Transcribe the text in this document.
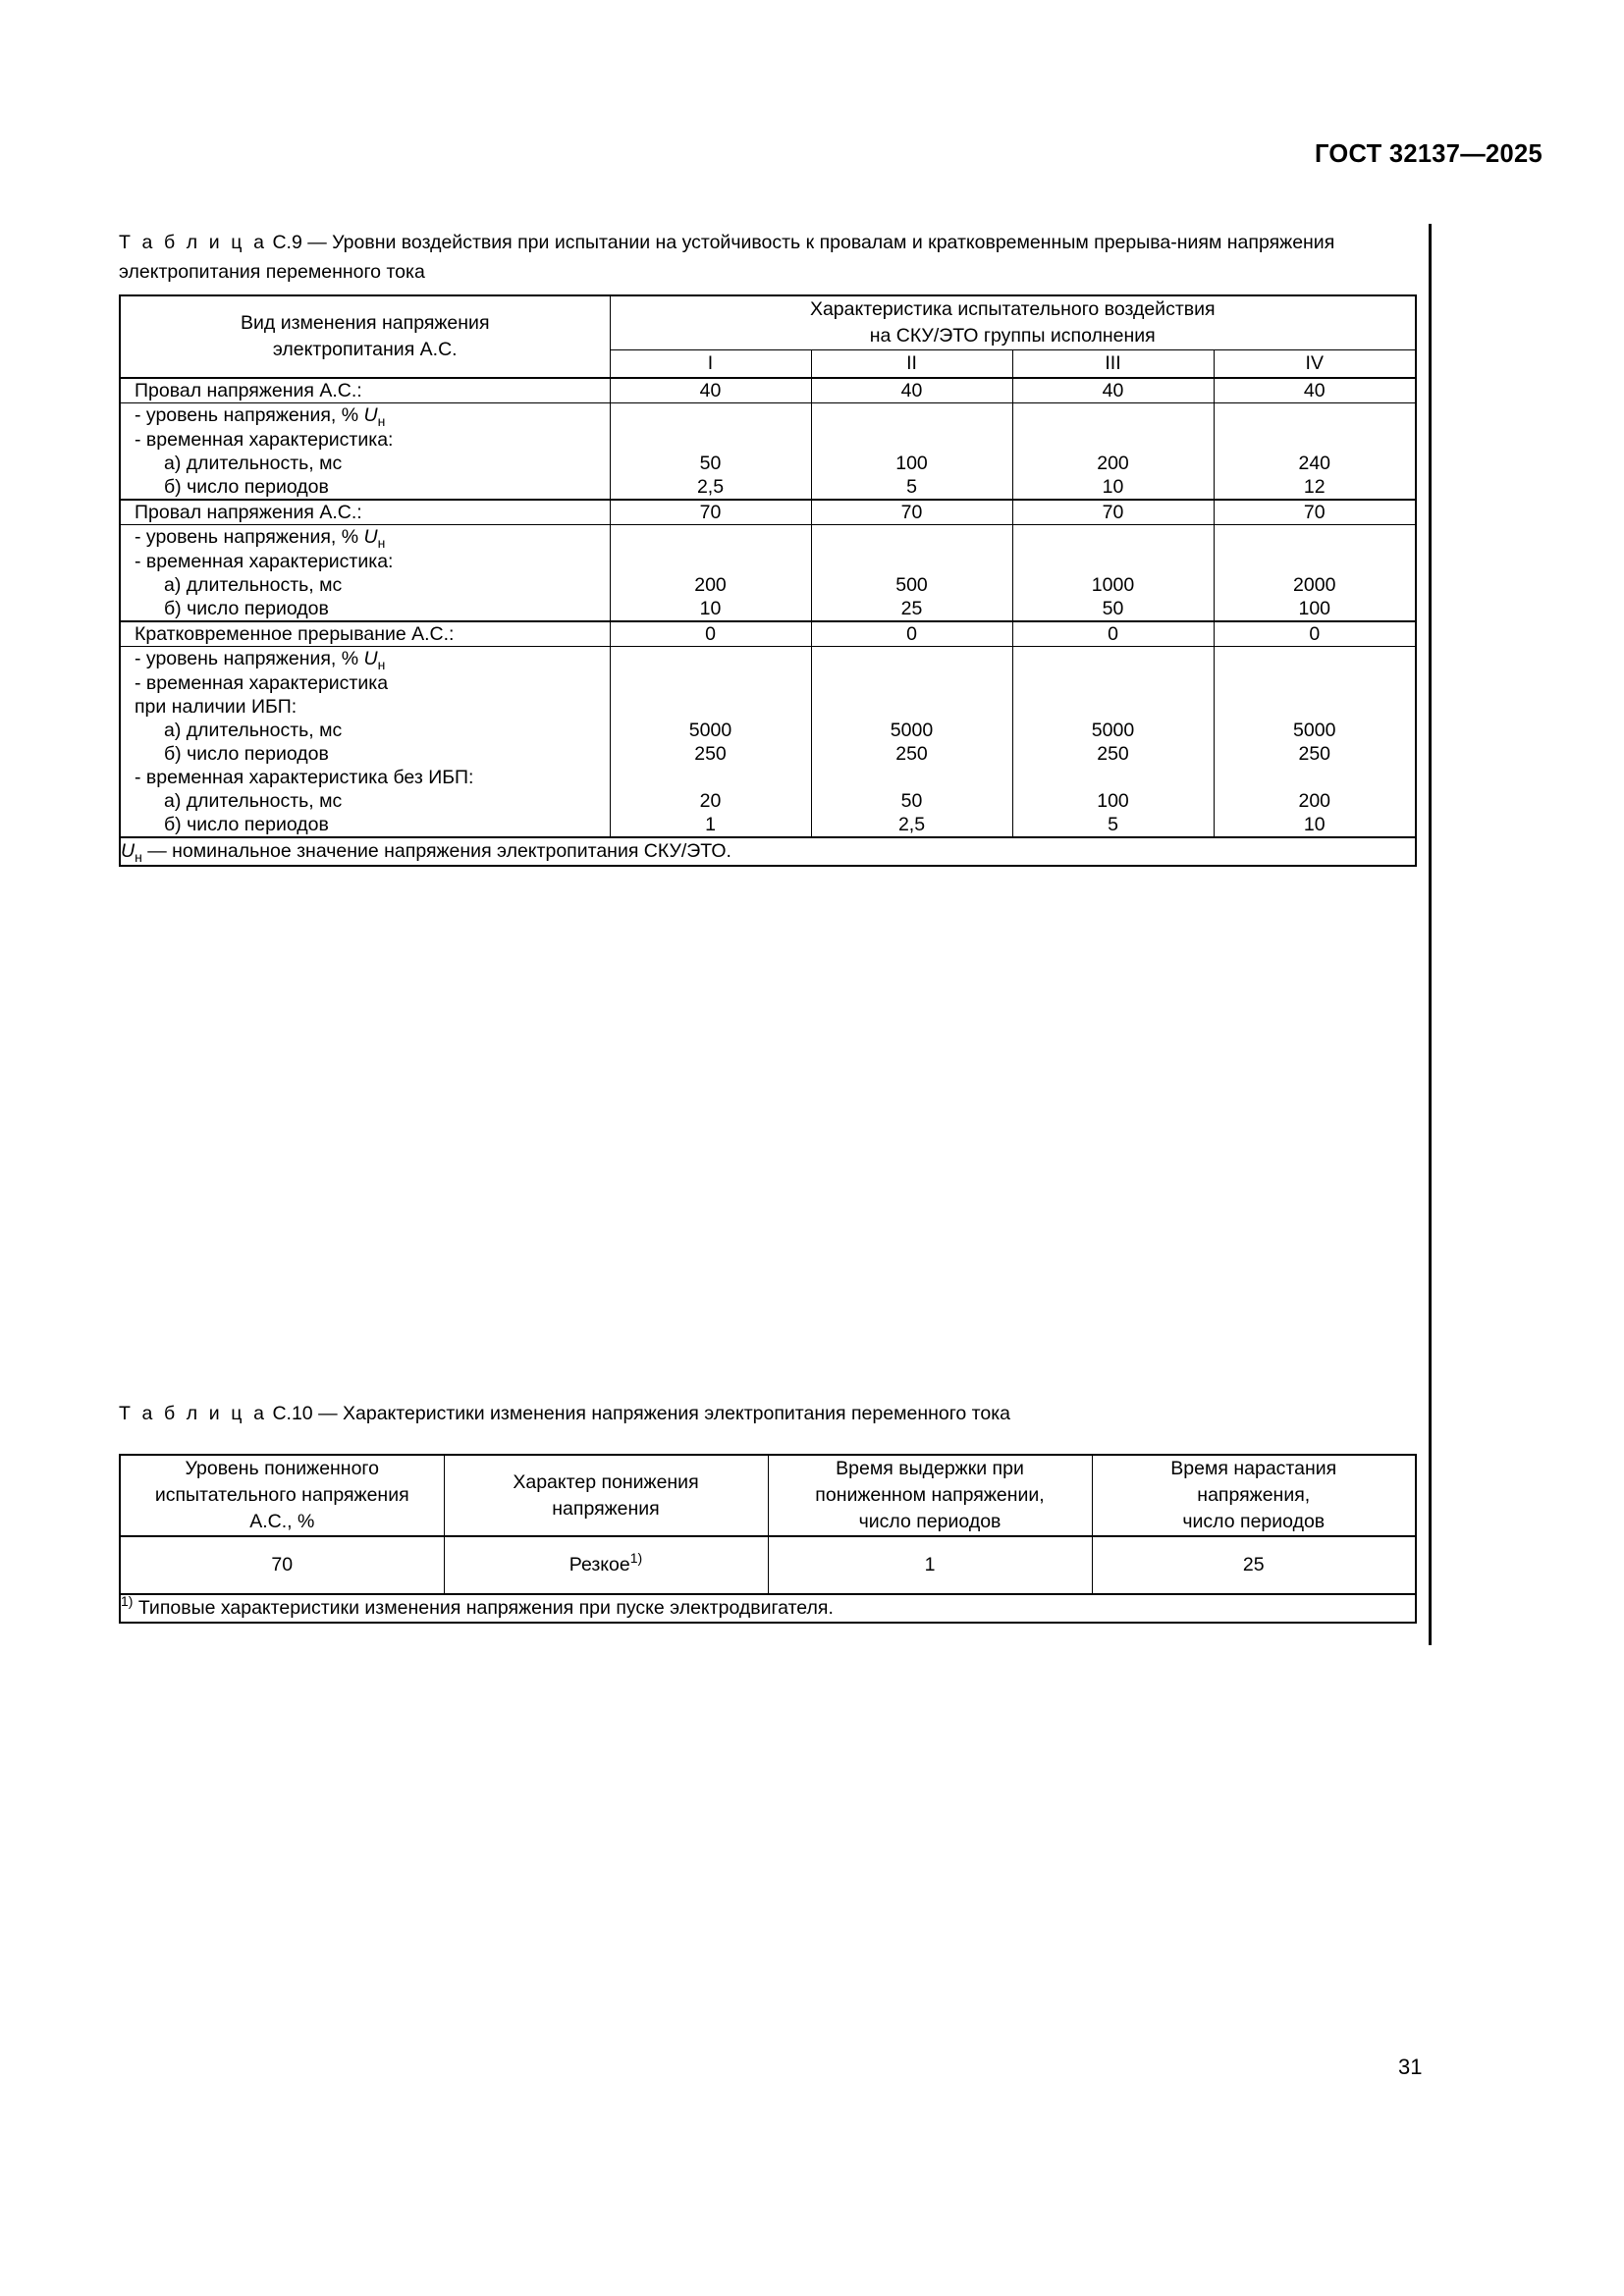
ГОСТ 32137—2025
Т а б л и ц а С.9 — Уровни воздействия при испытании на устойчивость к провалам и кратковременным прерыва-ниям напряжения электропитания переменного тока
Вид изменения напряжения
электропитания А.С.

Характеристика испытательного воздействия
на СКУ/ЭТО группы исполнения

	I	II	III	IV
Провал напряжения А.С.:	40	40	40	40
- уровень напряжения, % $U_н$				
- временная характеристика:				
а) длительность, мс	50	100	200	240
б) число периодов	2,5	5	10	12
Провал напряжения А.С.:	70	70	70	70
- уровень напряжения, % $U_н$				
- временная характеристика:				
а) длительность, мс	200	500	1000	2000
б) число периодов	10	25	50	100
Кратковременное прерывание А.С.:	0	0	0	0
- уровень напряжения, % $U_н$				

- временная характеристика
при наличии ИБП:				

а) длительность, мс	5000	5000	5000	5000
б) число периодов	250	250	250	250
- временная характеристика без ИБП:				
а) длительность, мс	20	50	100	200
б) число периодов	1	2,5	5	10
$U_н$ — номинальное значение напряжения электропитания СКУ/ЭТО.				
Т а б л и ц а С.10 — Характеристики изменения напряжения электропитания переменного тока
Уровень пониженного
испытательного напряжения
А.С., %

Характер понижения
напряжения

Время выдержки при
пониженном напряжении,
число периодов

Время нарастания
напряжения,
число периодов

70	Резкое$^{1)}$	1	25
$^{1)}$ Типовые характеристики изменения напряжения при пуске электродвигателя.			
31
